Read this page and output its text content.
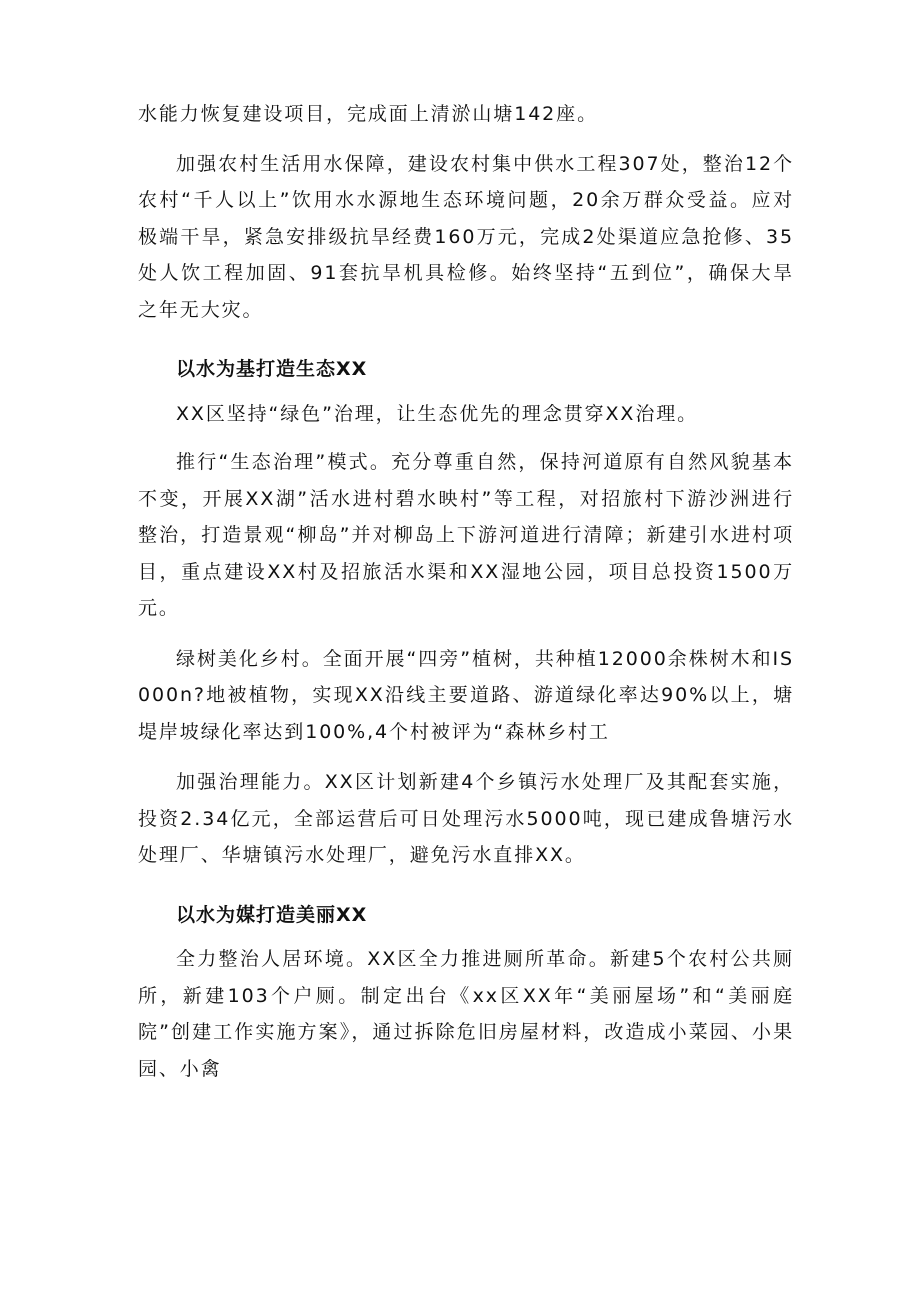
水能力恢复建设项目，完成面上清淤山塘142座。

加强农村生活用水保障，建设农村集中供水工程307处，整治12个农村“千人以上”饮用水水源地生态环境问题，20余万群众受益。应对极端干旱，紧急安排级抗旱经费160万元，完成2处渠道应急抢修、35处人饮工程加固、91套抗旱机具检修。始终坚持“五到位”，确保大旱之年无大灾。

以水为基打造生态XX

XX区坚持“绿色”治理，让生态优先的理念贯穿XX治理。

推行“生态治理”模式。充分尊重自然，保持河道原有自然风貌基本不变，开展XX湖”活水进村碧水映村”等工程，对招旅村下游沙洲进行整治，打造景观“柳岛”并对柳岛上下游河道进行清障；新建引水进村项目，重点建设XX村及招旅活水渠和XX湿地公园，项目总投资1500万元。

绿树美化乡村。全面开展“四旁”植树，共种植12000余株树木和IS000n?地被植物，实现XX沿线主要道路、游道绿化率达90%以上，塘堤岸坡绿化率达到100%,4个村被评为“森林乡村工

加强治理能力。XX区计划新建4个乡镇污水处理厂及其配套实施，投资2.34亿元，全部运营后可日处理污水5000吨，现已建成鲁塘污水处理厂、华塘镇污水处理厂，避免污水直排XX。

以水为媒打造美丽XX

全力整治人居环境。XX区全力推进厕所革命。新建5个农村公共厕所，新建103个户厕。制定出台《xx区XX年“美丽屋场”和“美丽庭院”创建工作实施方案》，通过拆除危旧房屋材料，改造成小菜园、小果园、小禽
